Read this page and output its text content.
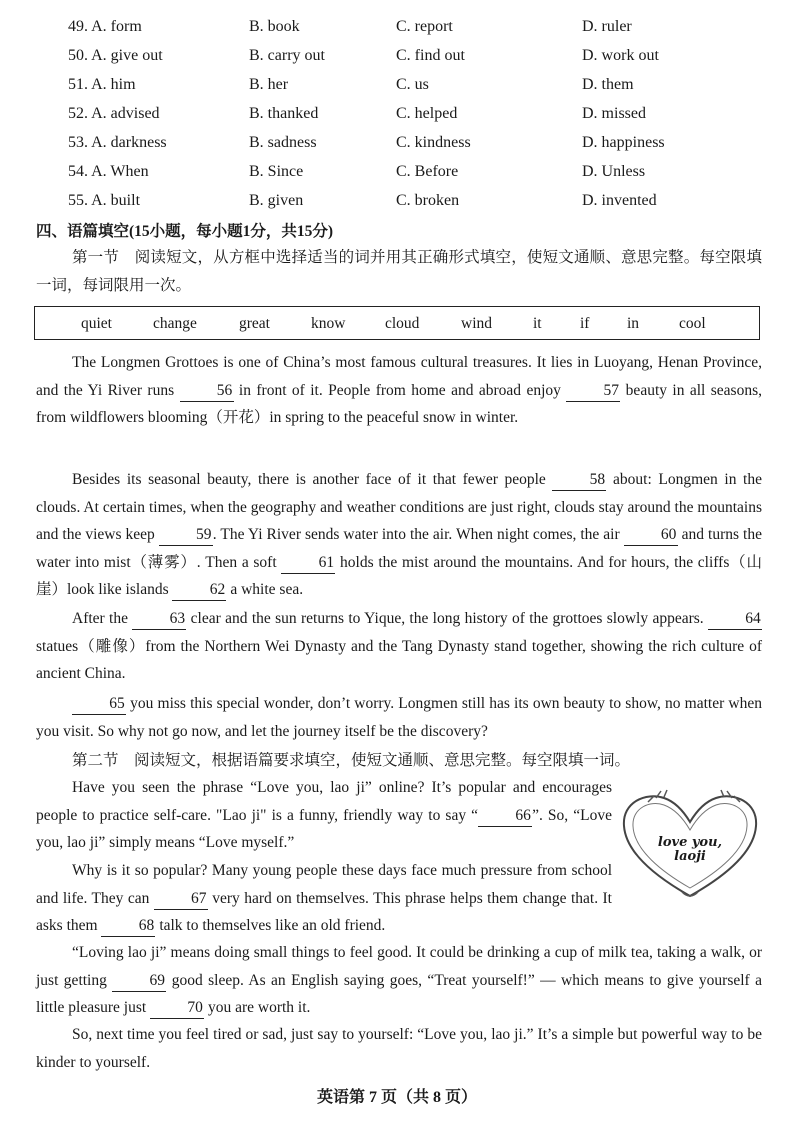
49. A. form	B. book	C. report	D. ruler
50. A. give out	B. carry out	C. find out	D. work out
51. A. him	B. her	C. us	D. them
52. A. advised	B. thanked	C. helped	D. missed
53. A. darkness	B. sadness	C. kindness	D. happiness
54. A. When	B. Since	C. Before	D. Unless
55. A. built	B. given	C. broken	D. invented
四、语篇填空(15小题，每小题1分，共15分)
第一节　阅读短文，从方框中选择适当的词并用其正确形式填空，使短文通顺、意思完整。每空限填一词，每词限用一次。
quiet	change	great	know	cloud	wind	it if in	cool
The Longmen Grottoes is one of China’s most famous cultural treasures. It lies in Luoyang, Henan Province, and the Yi River runs 56 in front of it. People from home and abroad enjoy 57 beauty in all seasons, from wildflowers blooming（开花）in spring to the peaceful snow in winter.
Besides its seasonal beauty, there is another face of it that fewer people 58 about: Longmen in the clouds. At certain times, when the geography and weather conditions are just right, clouds stay around the mountains and the views keep 59. The Yi River sends water into the air. When night comes, the air 60 and turns the water into mist（薄雾）. Then a soft 61 holds the mist around the mountains. And for hours, the cliffs（山崖）look like islands 62 a white sea.
After the 63 clear and the sun returns to Yique, the long history of the grottoes slowly appears. 64 statues（雕像）from the Northern Wei Dynasty and the Tang Dynasty stand together, showing the rich culture of ancient China.
65 you miss this special wonder, don’t worry. Longmen still has its own beauty to show, no matter when you visit. So why not go now, and let the journey itself be the discovery?
第二节　阅读短文，根据语篇要求填空，使短文通顺、意思完整。每空限填一词。
love you,
laoji
Have you seen the phrase “Love you, lao ji” online? It’s popular and encourages people to practice self-care. "Lao ji" is a funny, friendly way to say “ 66”. So, “Love you, lao ji” simply means “Love myself.”
Why is it so popular? Many young people these days face much pressure from school and life. They can 67 very hard on themselves. This phrase helps them change that. It asks them 68 talk to themselves like an old friend.
“Loving lao ji” means doing small things to feel good. It could be drinking a cup of milk tea, taking a walk, or just getting 69 good sleep. As an English saying goes, “Treat yourself!” — which means to give yourself a little pleasure just 70 you are worth it.
So, next time you feel tired or sad, just say to yourself: “Love you, lao ji.” It’s a simple but powerful way to be kinder to yourself.
英语第 7 页（共 8 页）
